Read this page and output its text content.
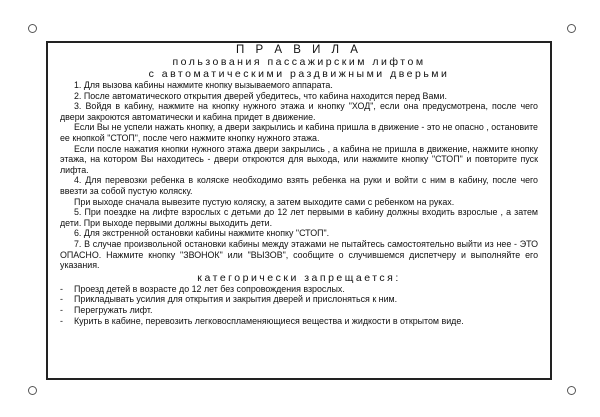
П Р А В И Л А
пользования пассажирским лифтом
с автоматическими раздвижными дверьми
1. Для вызова кабины нажмите кнопку вызываемого аппарата.
2. После автоматического открытия дверей убедитесь, что кабина находится перед Вами.
3. Войдя в кабину, нажмите на кнопку нужного этажа и кнопку "ХОД", если она предусмотрена, после чего двери закроются автоматически и кабина придет в движение.
Если Вы не успели нажать кнопку, а двери закрылись и кабина пришла в движение - это не опасно , остановите ее кнопкой "СТОП", после чего нажмите кнопку нужного этажа.
Если после нажатия кнопки нужного этажа двери закрылись , а кабина не пришла в движение, нажмите кнопку этажа, на котором Вы находитесь - двери откроются для выхода, или нажмите кнопку "СТОП" и повторите пуск лифта.
4. Для перевозки ребенка в коляске необходимо взять ребенка на руки и войти с ним в кабину, после чего ввезти за собой пустую коляску.
При выходе сначала вывезите пустую коляску, а затем выходите сами с ребенком на руках.
5. При поездке на лифте взрослых с детьми до 12 лет первыми в кабину должны входить взрослые , а затем дети. При выходе первыми должны выходить дети.
6. Для экстренной остановки кабины нажмите кнопку "СТОП".
7. В случае произвольной остановки кабины между этажами не пытайтесь самостоятельно выйти из нее - ЭТО ОПАСНО. Нажмите кнопку "ЗВОНОК" или "ВЫЗОВ", сообщите о случившемся диспетчеру и выполняйте его указания.
категорически запрещается:
-	Проезд детей в возрасте до 12 лет без сопровождения взрослых.
-	Прикладывать усилия для открытия и закрытия дверей и прислоняться к ним.
-	Перегружать лифт.
-	Курить в кабине, перевозить легковоспламеняющиеся вещества и жидкости в открытом виде.
